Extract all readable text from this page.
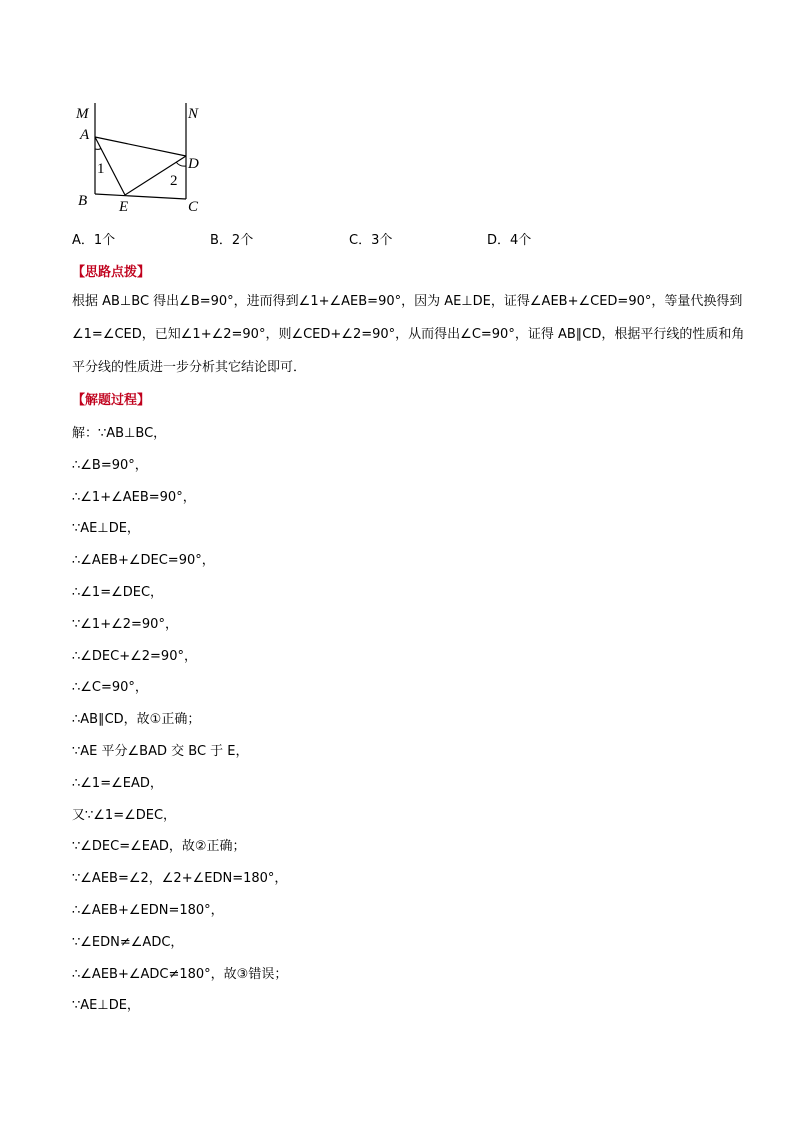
M	N
A
B	C
D
E
1
2
A．1个	B．2个	C．3个	D．4个
【思路点拨】
根据 AB⊥BC 得出∠B=90°，进而得到∠1+∠AEB=90°，因为 AE⊥DE，证得∠AEB+∠CED=90°，等量代换得到
∠1=∠CED，已知∠1+∠2=90°，则∠CED+∠2=90°，从而得出∠C=90°，证得 AB∥CD，根据平行线的性质和角
平分线的性质进一步分析其它结论即可．
【解题过程】
解：∵AB⊥BC，
∴∠B=90°，
∴∠1+∠AEB=90°，
∵AE⊥DE，
∴∠AEB+∠DEC=90°，
∴∠1=∠DEC，
∵∠1+∠2=90°，
∴∠DEC+∠2=90°，
∴∠C=90°，
∴AB∥CD，故①正确；
∵AE 平分∠BAD 交 BC 于 E，
∴∠1=∠EAD，
又∵∠1=∠DEC，
∵∠DEC=∠EAD，故②正确；
∵∠AEB=∠2，∠2+∠EDN=180°，
∴∠AEB+∠EDN=180°，
∵∠EDN≠∠ADC，
∴∠AEB+∠ADC≠180°，故③错误；
∵AE⊥DE，
